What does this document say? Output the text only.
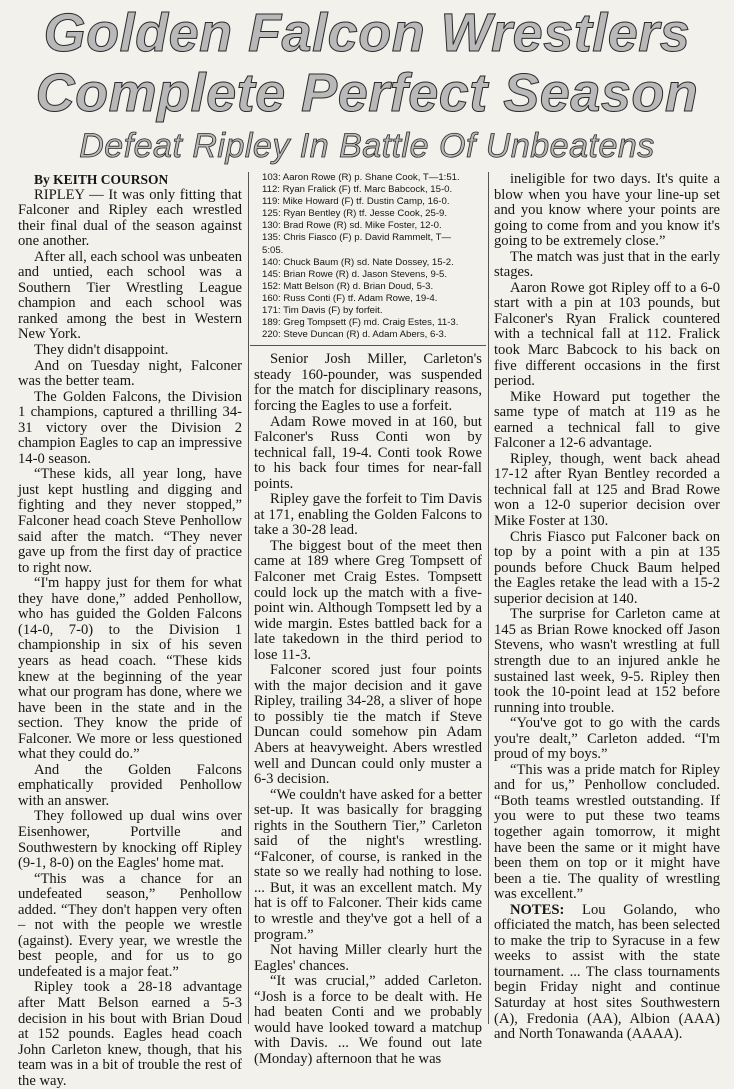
Golden Falcon Wrestlers
Complete Perfect Season
Defeat Ripley In Battle Of Unbeatens

By KEITH COURSON

RIPLEY — It was only fitting that Falconer and Ripley each wrestled their final dual of the season against one another.

After all, each school was unbeaten and untied, each school was a Southern Tier Wrestling League champion and each school was ranked among the best in Western New York.

They didn't disappoint.

And on Tuesday night, Falconer was the better team.

The Golden Falcons, the Division 1 champions, captured a thrilling 34-31 victory over the Division 2 champion Eagles to cap an impressive 14-0 season.

“These kids, all year long, have just kept hustling and digging and fighting and they never stopped,” Falconer head coach Steve Penhollow said after the match. “They never gave up from the first day of practice to right now.

“I'm happy just for them for what they have done,” added Penhollow, who has guided the Golden Falcons (14-0, 7-0) to the Division 1 championship in six of his seven years as head coach. “These kids knew at the beginning of the year what our program has done, where we have been in the state and in the section. They know the pride of Falconer. We more or less questioned what they could do.”

And the Golden Falcons emphatically provided Penhollow with an answer.

They followed up dual wins over Eisenhower, Portville and Southwestern by knocking off Ripley (9-1, 8-0) on the Eagles' home mat.

“This was a chance for an undefeated season,” Penhollow added. “They don't happen very often – not with the people we wrestle (against). Every year, we wrestle the best people, and for us to go undefeated is a major feat.”

Ripley took a 28-18 advantage after Matt Belson earned a 5-3 decision in his bout with Brian Doud at 152 pounds. Eagles head coach John Carleton knew, though, that his team was in a bit of trouble the rest of the way.

103: Aaron Rowe (R) p. Shane Cook, T—1:51.
112: Ryan Fralick (F) tf. Marc Babcock, 15-0.
119: Mike Howard (F) tf. Dustin Camp, 16-0.
125: Ryan Bentley (R) tf. Jesse Cook, 25-9.
130: Brad Rowe (R) sd. Mike Foster, 12-0.
135: Chris Fiasco (F) p. David Rammelt, T—
5:05.
140: Chuck Baum (R) sd. Nate Dossey, 15-2.
145: Brian Rowe (R) d. Jason Stevens, 9-5.
152: Matt Belson (R) d. Brian Doud, 5-3.
160: Russ Conti (F) tf. Adam Rowe, 19-4.
171: Tim Davis (F) by forfeit.
189: Greg Tompsett (F) md. Craig Estes, 11-3.
220: Steve Duncan (R) d. Adam Abers, 6-3.

Senior Josh Miller, Carleton's steady 160-pounder, was suspended for the match for disciplinary reasons, forcing the Eagles to use a forfeit.

Adam Rowe moved in at 160, but Falconer's Russ Conti won by technical fall, 19-4. Conti took Rowe to his back four times for near-fall points.

Ripley gave the forfeit to Tim Davis at 171, enabling the Golden Falcons to take a 30-28 lead.

The biggest bout of the meet then came at 189 where Greg Tompsett of Falconer met Craig Estes. Tompsett could lock up the match with a five-point win. Although Tompsett led by a wide margin. Estes battled back for a late takedown in the third period to lose 11-3.

Falconer scored just four points with the major decision and it gave Ripley, trailing 34-28, a sliver of hope to possibly tie the match if Steve Duncan could somehow pin Adam Abers at heavyweight. Abers wrestled well and Duncan could only muster a 6-3 decision.

“We couldn't have asked for a better set-up. It was basically for bragging rights in the Southern Tier,” Carleton said of the night's wrestling. “Falconer, of course, is ranked in the state so we really had nothing to lose. ... But, it was an excellent match. My hat is off to Falconer. Their kids came to wrestle and they've got a hell of a program.”

Not having Miller clearly hurt the Eagles' chances.

“It was crucial,” added Carleton. “Josh is a force to be dealt with. He had beaten Conti and we probably would have looked toward a matchup with Davis. ... We found out late (Monday) afternoon that he was

ineligible for two days. It's quite a blow when you have your line-up set and you know where your points are going to come from and you know it's going to be extremely close.”

The match was just that in the early stages.

Aaron Rowe got Ripley off to a 6-0 start with a pin at 103 pounds, but Falconer's Ryan Fralick countered with a technical fall at 112. Fralick took Marc Babcock to his back on five different occasions in the first period.

Mike Howard put together the same type of match at 119 as he earned a technical fall to give Falconer a 12-6 advantage.

Ripley, though, went back ahead 17-12 after Ryan Bentley recorded a technical fall at 125 and Brad Rowe won a 12-0 superior decision over Mike Foster at 130.

Chris Fiasco put Falconer back on top by a point with a pin at 135 pounds before Chuck Baum helped the Eagles retake the lead with a 15-2 superior decision at 140.

The surprise for Carleton came at 145 as Brian Rowe knocked off Jason Stevens, who wasn't wrestling at full strength due to an injured ankle he sustained last week, 9-5. Ripley then took the 10-point lead at 152 before running into trouble.

“You've got to go with the cards you're dealt,” Carleton added. “I'm proud of my boys.”

“This was a pride match for Ripley and for us,” Penhollow concluded. “Both teams wrestled outstanding. If you were to put these two teams together again tomorrow, it might have been the same or it might have been them on top or it might have been a tie. The quality of wrestling was excellent.”

NOTES: Lou Golando, who officiated the match, has been selected to make the trip to Syracuse in a few weeks to assist with the state tournament. ... The class tournaments begin Friday night and continue Saturday at host sites Southwestern (A), Fredonia (AA), Albion (AAA) and North Tonawanda (AAAA).
